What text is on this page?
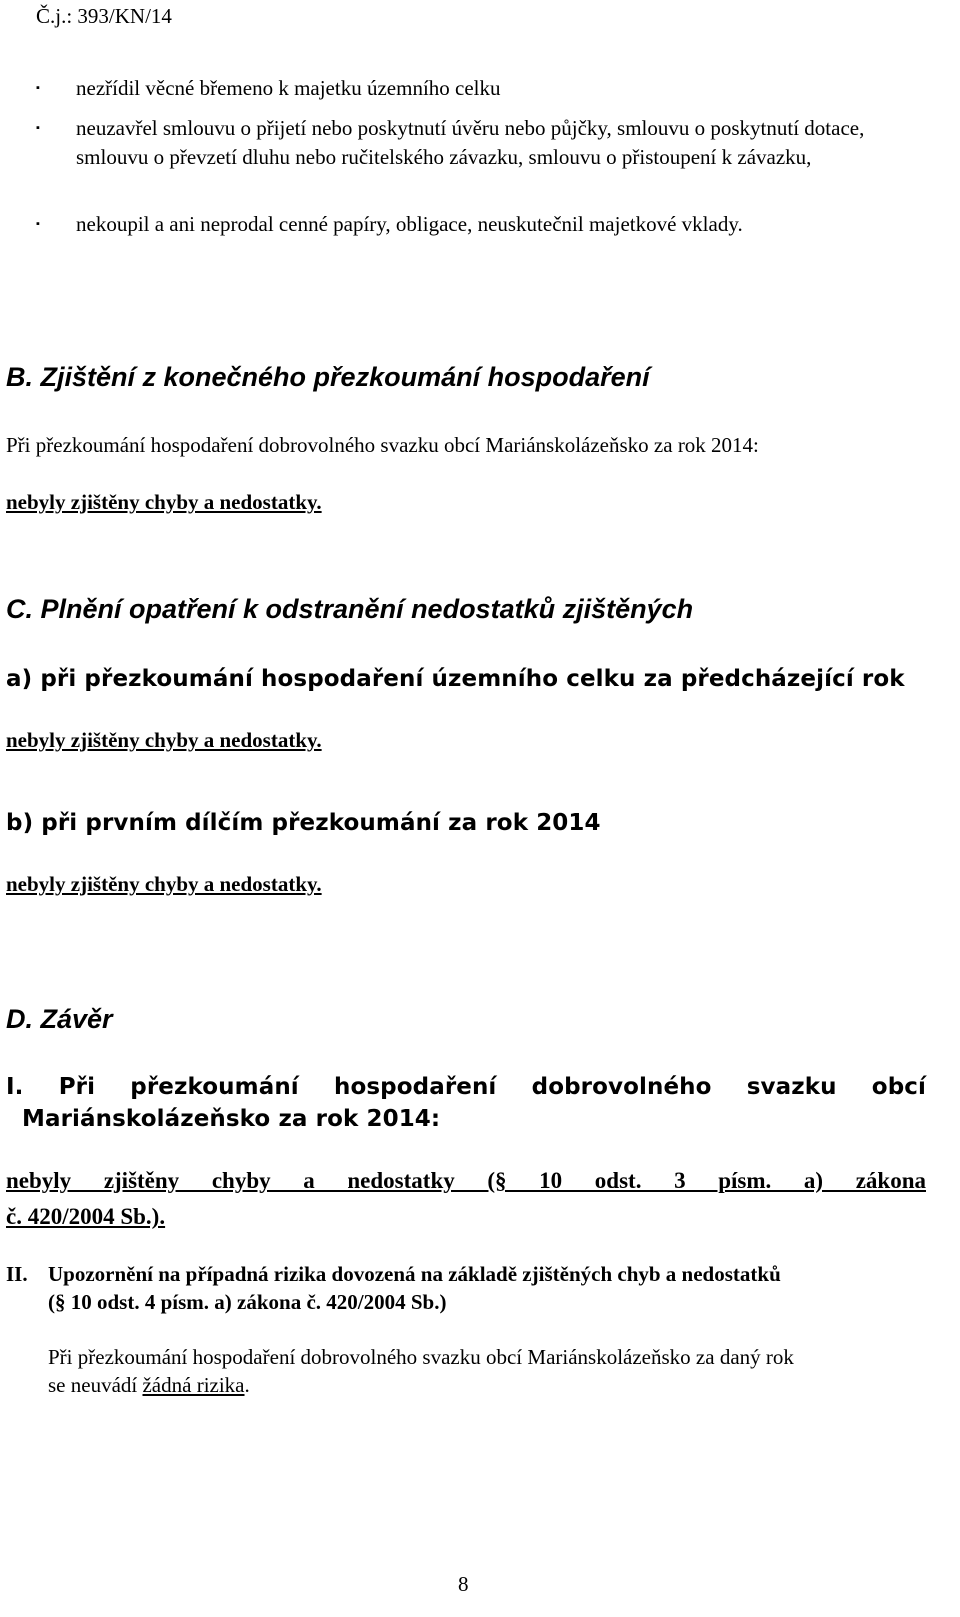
Č.j.: 393/KN/14
▪	nezřídil věcné břemeno k majetku územního celku
▪	neuzavřel smlouvu o přijetí nebo poskytnutí úvěru nebo půjčky, smlouvu o poskytnutí dotace, smlouvu o převzetí dluhu nebo ručitelského závazku, smlouvu o přistoupení k závazku,
▪	nekoupil a ani neprodal cenné papíry, obligace, neuskutečnil majetkové vklady.
B. Zjištění z konečného přezkoumání hospodaření
Při přezkoumání hospodaření dobrovolného svazku obcí Mariánskolázeňsko za rok 2014:
nebyly zjištěny chyby a nedostatky.
C. Plnění opatření k odstranění nedostatků zjištěných
a) při přezkoumání hospodaření územního celku za předcházející rok
nebyly zjištěny chyby a nedostatky.
b) při prvním dílčím přezkoumání za rok 2014
nebyly zjištěny chyby a nedostatky.
D. Závěr
I. Při přezkoumání hospodaření dobrovolného svazku obcí
Mariánskolázeňsko za rok 2014:
nebyly zjištěny chyby a nedostatky (§ 10 odst. 3 písm. a) zákona
č. 420/2004 Sb.).
II. Upozornění na případná rizika dovozená na základě zjištěných chyb a nedostatků
(§ 10 odst. 4 písm. a) zákona č. 420/2004 Sb.)
Při přezkoumání hospodaření dobrovolného svazku obcí Mariánskolázeňsko za daný rok
se neuvádí žádná rizika.
8
